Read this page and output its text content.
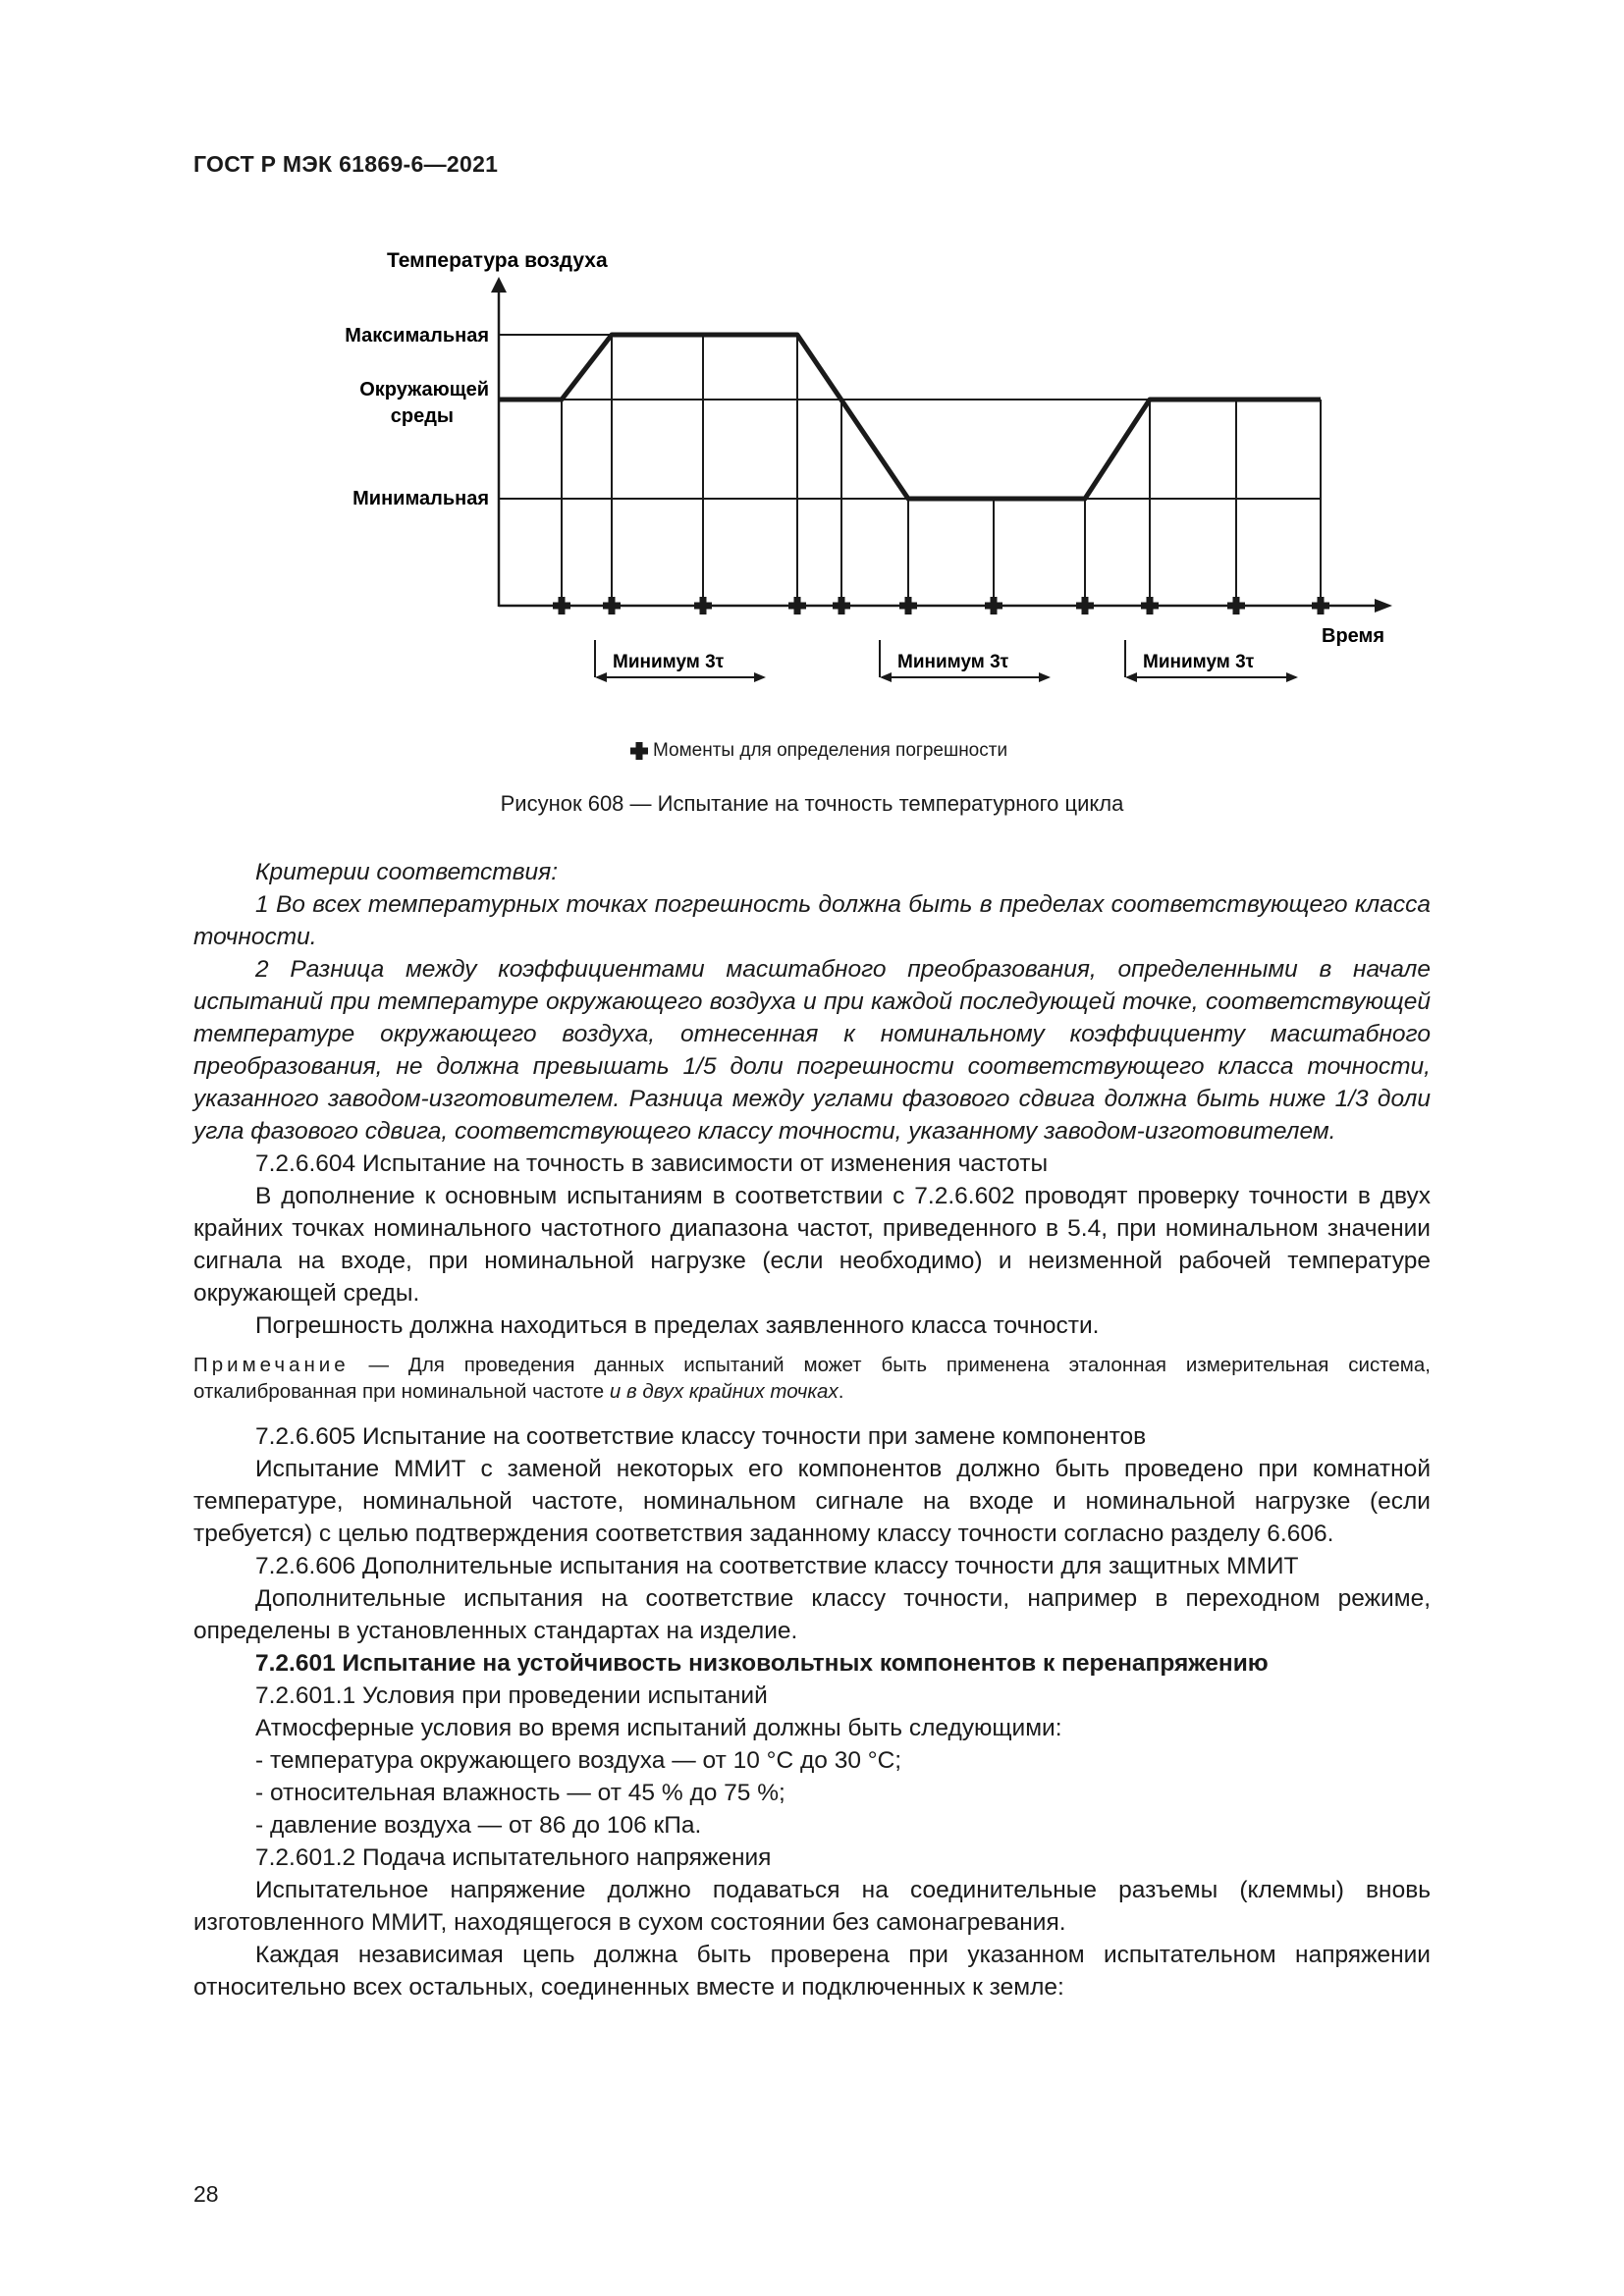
ГОСТ Р МЭК 61869-6—2021
Температура воздуха
Максимальная
Окружающей
среды
Минимальная
Время
Минимум 3τ	Минимум 3τ	Минимум 3τ
Моменты для определения погрешности
Рисунок 608 — Испытание на точность температурного цикла

Критерии соответствия:

1 Во всех температурных точках погрешность должна быть в пределах соответствующего класса точности.

2 Разница между коэффициентами масштабного преобразования, определенными в начале испытаний при температуре окружающего воздуха и при каждой последующей точке, соответствующей температуре окружающего воздуха, отнесенная к номинальному коэффициенту масштабного преобразования, не должна превышать 1/5 доли погрешности соответствующего класса точности, указанного заводом-изготовителем. Разница между углами фазового сдвига должна быть ниже 1/3 доли угла фазового сдвига, соответствующего классу точности, указанному заводом-изготовителем.

7.2.6.604 Испытание на точность в зависимости от изменения частоты

В дополнение к основным испытаниям в соответствии с 7.2.6.602 проводят проверку точности в двух крайних точках номинального частотного диапазона частот, приведенного в 5.4, при номинальном значении сигнала на входе, при номинальной нагрузке (если необходимо) и неизменной рабочей температуре окружающей среды.

Погрешность должна находиться в пределах заявленного класса точности.

Примечание — Для проведения данных испытаний может быть применена эталонная измерительная система, откалиброванная при номинальной частоте и в двух крайних точках.

7.2.6.605 Испытание на соответствие классу точности при замене компонентов

Испытание ММИТ с заменой некоторых его компонентов должно быть проведено при комнатной температуре, номинальной частоте, номинальном сигнале на входе и номинальной нагрузке (если требуется) с целью подтверждения соответствия заданному классу точности согласно разделу 6.606.

7.2.6.606 Дополнительные испытания на соответствие классу точности для защитных ММИТ

Дополнительные испытания на соответствие классу точности, например в переходном режиме, определены в установленных стандартах на изделие.

7.2.601 Испытание на устойчивость низковольтных компонентов к перенапряжению

7.2.601.1 Условия при проведении испытаний

Атмосферные условия во время испытаний должны быть следующими:

- температура окружающего воздуха — от 10 °С до 30 °С;

- относительная влажность — от 45 % до 75 %;

- давление воздуха — от 86 до 106 кПа.

7.2.601.2 Подача испытательного напряжения

Испытательное напряжение должно подаваться на соединительные разъемы (клеммы) вновь изготовленного ММИТ, находящегося в сухом состоянии без самонагревания.

Каждая независимая цепь должна быть проверена при указанном испытательном напряжении относительно всех остальных, соединенных вместе и подключенных к земле:

28
